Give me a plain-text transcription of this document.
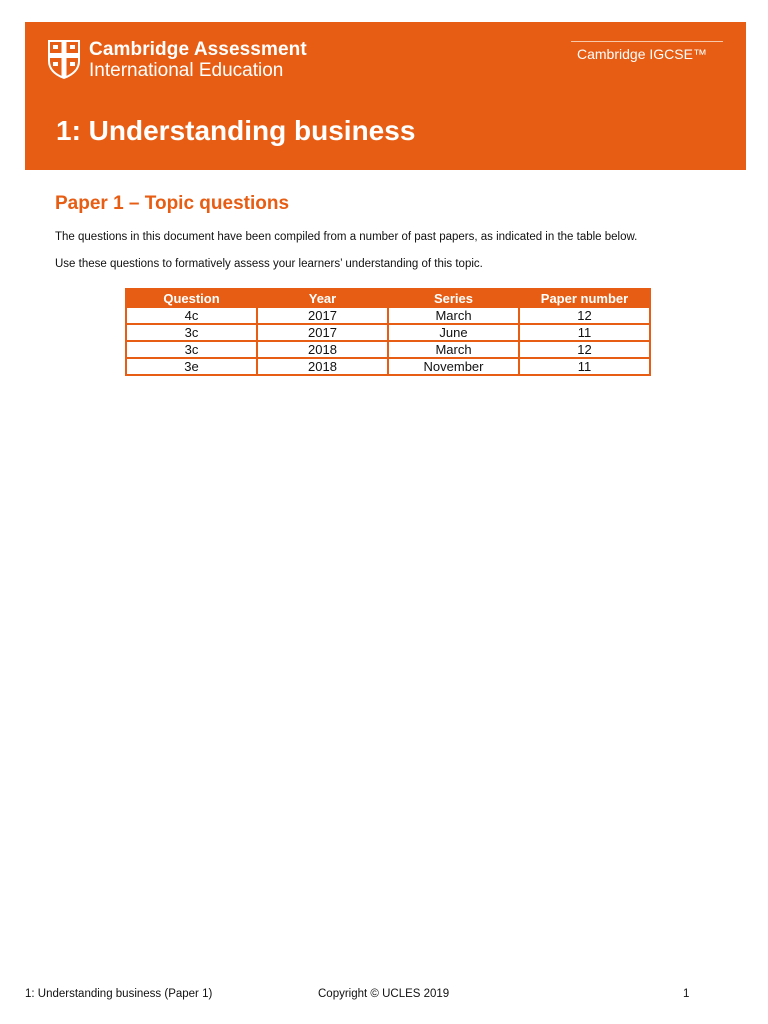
Cambridge Assessment
International Education
Cambridge IGCSE™
1: Understanding business
Paper 1 – Topic questions
The questions in this document have been compiled from a number of past papers, as indicated in the table below.
Use these questions to formatively assess your learners’ understanding of this topic.
Question	Year	Series	Paper number
4c	2017	March	12
3c	2017	June	11
3c	2018	March	12
3e	2018	November	11
1: Understanding business (Paper 1)	Copyright © UCLES 2019	1
